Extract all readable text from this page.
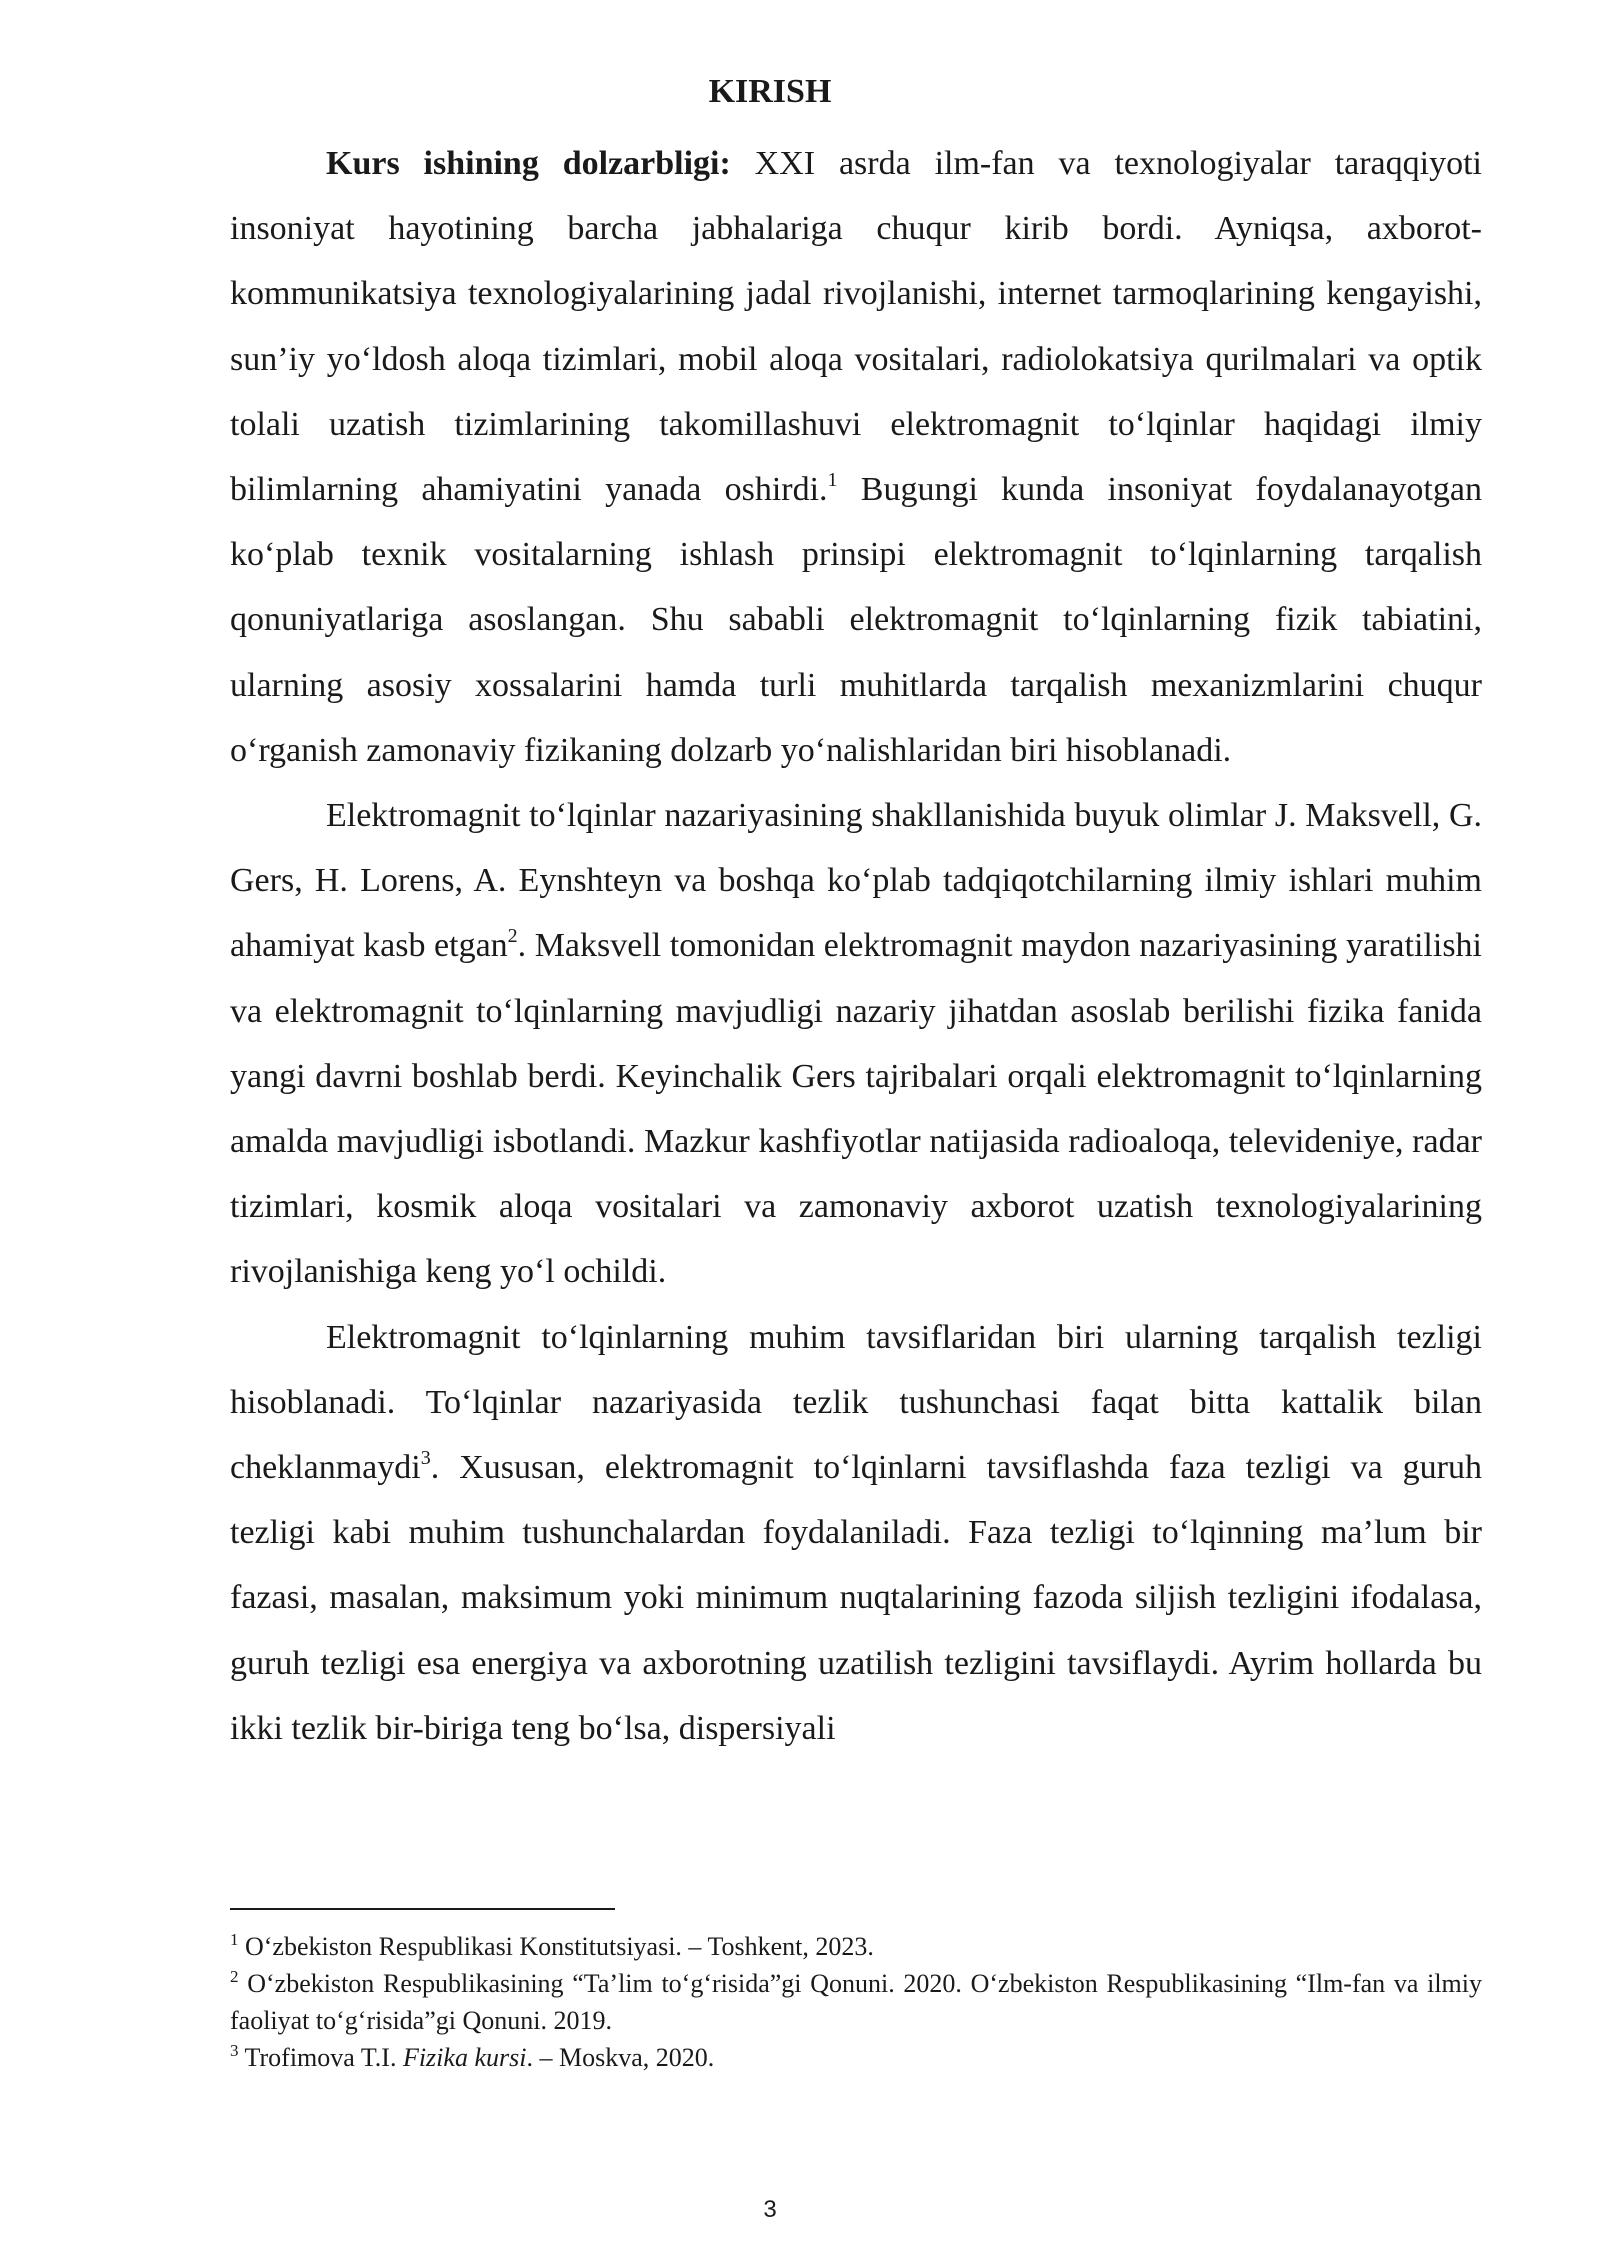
KIRISH

Kurs ishining dolzarbligi: XXI asrda ilm-fan va texnologiyalar taraqqiyoti insoniyat hayotining barcha jabhalariga chuqur kirib bordi. Ayniqsa, axborot-kommunikatsiya texnologiyalarining jadal rivojlanishi, internet tarmoqlarining kengayishi, sun’iy yo‘ldosh aloqa tizimlari, mobil aloqa vositalari, radiolokatsiya qurilmalari va optik tolali uzatish tizimlarining takomillashuvi elektromagnit to‘lqinlar haqidagi ilmiy bilimlarning ahamiyatini yanada oshirdi.$^1$ Bugungi kunda insoniyat foydalanayotgan ko‘plab texnik vositalarning ishlash prinsipi elektromagnit to‘lqinlarning tarqalish qonuniyatlariga asoslangan. Shu sababli elektromagnit to‘lqinlarning fizik tabiatini, ularning asosiy xossalarini hamda turli muhitlarda tarqalish mexanizmlarini chuqur o‘rganish zamonaviy fizikaning dolzarb yo‘nalishlaridan biri hisoblanadi.

Elektromagnit to‘lqinlar nazariyasining shakllanishida buyuk olimlar J. Maksvell, G. Gers, H. Lorens, A. Eynshteyn va boshqa ko‘plab tadqiqotchilarning ilmiy ishlari muhim ahamiyat kasb etgan$^2$. Maksvell tomonidan elektromagnit maydon nazariyasining yaratilishi va elektromagnit to‘lqinlarning mavjudligi nazariy jihatdan asoslab berilishi fizika fanida yangi davrni boshlab berdi. Keyinchalik Gers tajribalari orqali elektromagnit to‘lqinlarning amalda mavjudligi isbotlandi. Mazkur kashfiyotlar natijasida radioaloqa, televideniye, radar tizimlari, kosmik aloqa vositalari va zamonaviy axborot uzatish texnologiyalarining rivojlanishiga keng yo‘l ochildi.

Elektromagnit to‘lqinlarning muhim tavsiflaridan biri ularning tarqalish tezligi hisoblanadi. To‘lqinlar nazariyasida tezlik tushunchasi faqat bitta kattalik bilan cheklanmaydi$^3$. Xususan, elektromagnit to‘lqinlarni tavsiflashda faza tezligi va guruh tezligi kabi muhim tushunchalardan foydalaniladi. Faza tezligi to‘lqinning ma’lum bir fazasi, masalan, maksimum yoki minimum nuqtalarining fazoda siljish tezligini ifodalasa, guruh tezligi esa energiya va axborotning uzatilish tezligini tavsiflaydi. Ayrim hollarda bu ikki tezlik bir-biriga teng bo‘lsa, dispersiyali

$^1$ O‘zbekiston Respublikasi Konstitutsiyasi. – Toshkent, 2023.

$^2$ O‘zbekiston Respublikasining “Ta’lim to‘g‘risida”gi Qonuni. 2020. O‘zbekiston Respublikasining “Ilm-fan va ilmiy faoliyat to‘g‘risida”gi Qonuni. 2019.

$^3$ Trofimova T.I. Fizika kursi. – Moskva, 2020.

3
